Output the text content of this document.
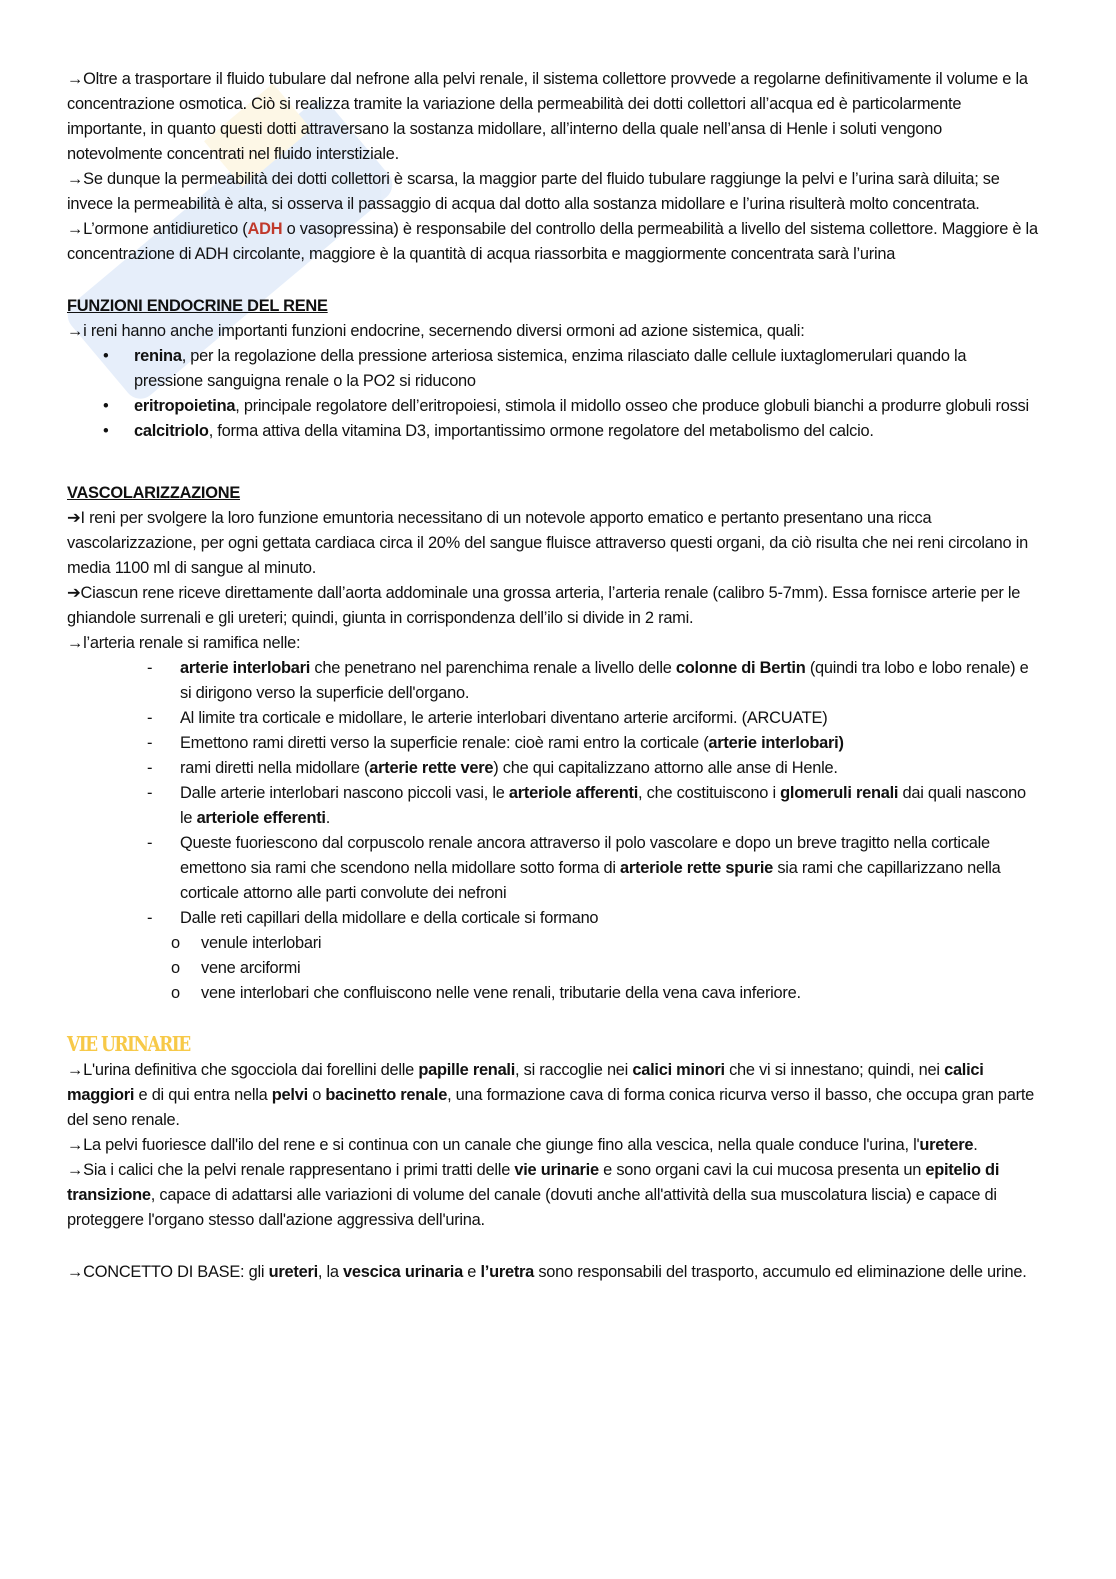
→Oltre a trasportare il fluido tubulare dal nefrone alla pelvi renale, il sistema collettore provvede a regolarne definitivamente il volume e la concentrazione osmotica. Ciò si realizza tramite la variazione della permeabilità dei dotti collettori all’acqua ed è particolarmente importante, in quanto questi dotti attraversano la sostanza midollare, all’interno della quale nell’ansa di Henle i soluti vengono notevolmente concentrati nel fluido interstiziale.
→Se dunque la permeabilità dei dotti collettori è scarsa, la maggior parte del fluido tubulare raggiunge la pelvi e l’urina sarà diluita; se invece la permeabilità è alta, si osserva il passaggio di acqua dal dotto alla sostanza midollare e l’urina risulterà molto concentrata.
→L’ormone antidiuretico (ADH o vasopressina) è responsabile del controllo della permeabilità a livello del sistema collettore. Maggiore è la concentrazione di ADH circolante, maggiore è la quantità di acqua riassorbita e maggiormente concentrata sarà l’urina
FUNZIONI ENDOCRINE DEL RENE
→i reni hanno anche importanti funzioni endocrine, secernendo diversi ormoni ad azione sistemica, quali:
• renina, per la regolazione della pressione arteriosa sistemica, enzima rilasciato dalle cellule iuxtaglomerulari quando la pressione sanguigna renale o la PO2 si riducono
• eritropoietina, principale regolatore dell’eritropoiesi, stimola il midollo osseo che produce globuli bianchi a produrre globuli rossi
• calcitriolo, forma attiva della vitamina D3, importantissimo ormone regolatore del metabolismo del calcio.
VASCOLARIZZAZIONE
➔I reni per svolgere la loro funzione emuntoria necessitano di un notevole apporto ematico e pertanto presentano una ricca vascolarizzazione, per ogni gettata cardiaca circa il 20% del sangue fluisce attraverso questi organi, da ciò risulta che nei reni circolano in media 1100 ml di sangue al minuto.
➔Ciascun rene riceve direttamente dall’aorta addominale una grossa arteria, l’arteria renale (calibro 5-7mm). Essa fornisce arterie per le ghiandole surrenali e gli ureteri; quindi, giunta in corrispondenza dell’ilo si divide in 2 rami.
→l’arteria renale si ramifica nelle:
- arterie interlobari che penetrano nel parenchima renale a livello delle colonne di Bertin (quindi tra lobo e lobo renale) e si dirigono verso la superficie dell'organo.
- Al limite tra corticale e midollare, le arterie interlobari diventano arterie arciformi. (ARCUATE)
- Emettono rami diretti verso la superficie renale: cioè rami entro la corticale (arterie interlobari)
- rami diretti nella midollare (arterie rette vere) che qui capitalizzano attorno alle anse di Henle.
- Dalle arterie interlobari nascono piccoli vasi, le arteriole afferenti, che costituiscono i glomeruli renali dai quali nascono le arteriole efferenti.
- Queste fuoriescono dal corpuscolo renale ancora attraverso il polo vascolare e dopo un breve tragitto nella corticale emettono sia rami che scendono nella midollare sotto forma di arteriole rette spurie sia rami che capillarizzano nella corticale attorno alle parti convolute dei nefroni
- Dalle reti capillari della midollare e della corticale si formano
o venule interlobari
o vene arciformi
o vene interlobari che confluiscono nelle vene renali, tributarie della vena cava inferiore.
VIE URINARIE
→L'urina definitiva che sgocciola dai forellini delle papille renali, si raccoglie nei calici minori che vi si innestano; quindi, nei calici maggiori e di qui entra nella pelvi o bacinetto renale, una formazione cava di forma conica ricurva verso il basso, che occupa gran parte del seno renale.
→La pelvi fuoriesce dall'ilo del rene e si continua con un canale che giunge fino alla vescica, nella quale conduce l'urina, l'uretere.
→Sia i calici che la pelvi renale rappresentano i primi tratti delle vie urinarie e sono organi cavi la cui mucosa presenta un epitelio di transizione, capace di adattarsi alle variazioni di volume del canale (dovuti anche all'attività della sua muscolatura liscia) e capace di proteggere l'organo stesso dall'azione aggressiva dell'urina.
→CONCETTO DI BASE: gli ureteri, la vescica urinaria e l’uretra sono responsabili del trasporto, accumulo ed eliminazione delle urine.
